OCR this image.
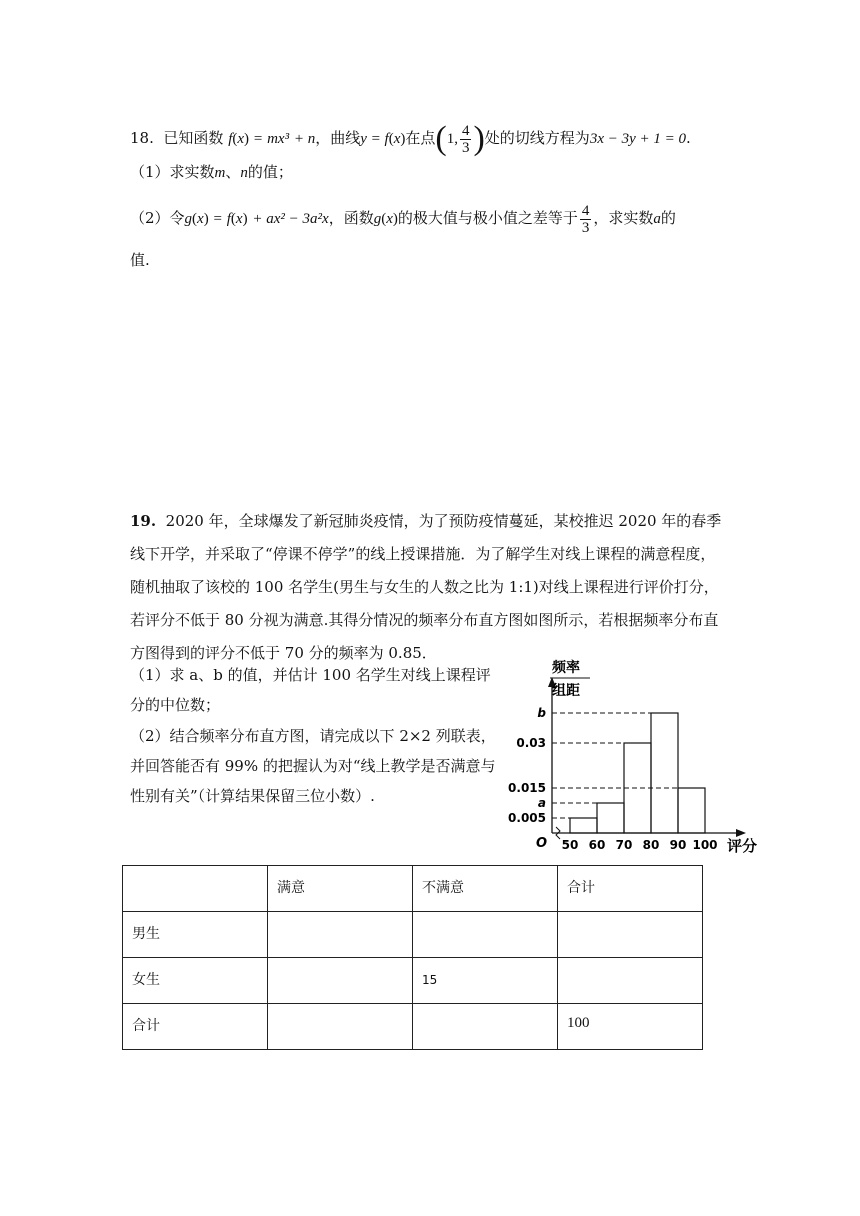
18. 已知函数 f(x) = mx³ + n，曲线y = f(x)在点(1, $\frac{4}{3}$ )处的切线方程为3x − 3y + 1 = 0.
（1）求实数m、n的值；
（2）令g(x) = f(x) + ax² − 3a²x，函数g(x)的极大值与极小值之差等于 $\frac{4}{3}$ ，求实数a的
值.
19. 2020 年，全球爆发了新冠肺炎疫情，为了预防疫情蔓延，某校推迟 2020 年的春季线下开学，并采取了“停课不停学”的线上授课措施．为了解学生对线上课程的满意程度，随机抽取了该校的 100 名学生(男生与女生的人数之比为 1:1)对线上课程进行评价打分，若评分不低于 80 分视为满意.其得分情况的频率分布直方图如图所示，若根据频率分布直方图得到的评分不低于 70 分的频率为 0.85．
（1）求 a、b 的值，并估计 100 名学生对线上课程评分的中位数；
（2）结合频率分布直方图，请完成以下 2×2 列联表，并回答能否有 99% 的把握认为对“线上教学是否满意与性别有关”（计算结果保留三位小数）.
频率
组距
0.005
a
0.03
b
0.015
50 60 70 80 90 100
O	评分
	满意	不满意	合计
男生			
女生		15	
合计			100
